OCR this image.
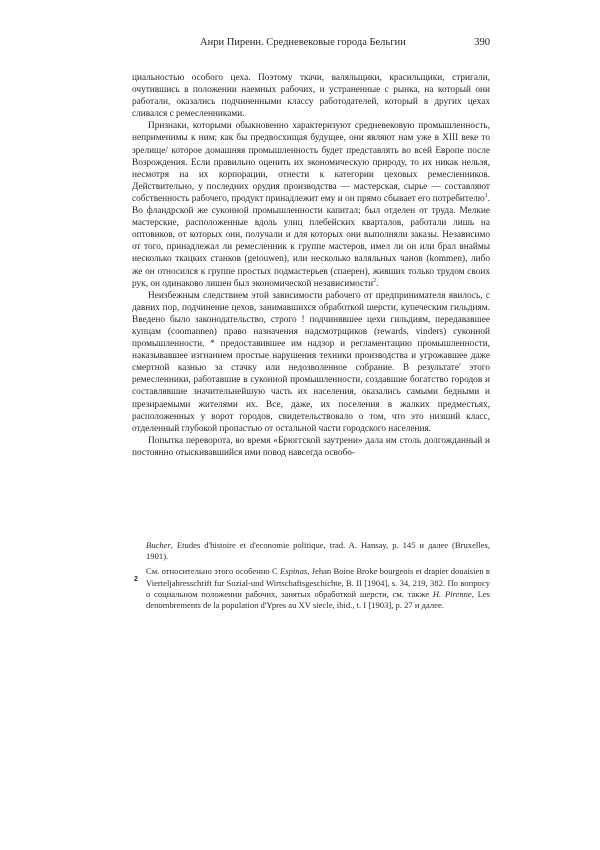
Анри Пиренн. Средневековые города Бельгии	390

циальностью особого цеха. Поэтому ткачи, валяльщики, красильщики, стригали, очутившись в положении наемных рабочих, и устраненные с рынка, на который они работали, оказались подчиненными классу работодателей, который в других цехах сливался с ремесленниками.

Признаки, которыми обыкновенно характеризуют средневековую промышленность, неприменимы к ним; как бы предвосхищая будущее, они являют нам уже в XIII веке то зрелище/ которое домашняя промышленность будет представлять во всей Европе после Возрождения. Если правильно оценить их экономическую природу, то их никак нельзя, несмотря на их корпорации, отнести к категории цеховых ремесленников. Действительно, у последних орудия производства — мастерская, сырье — составляют собственность рабочего, продукт принадлежит ему и он прямо сбывает его потребителю$^1$. Во фландрской же суконной промышленности капитал; был отделен от труда. Мелкие мастерские, расположенные вдоль улиц плебейских кварталов, работали лишь на оптовиков, от которых они, получали и для которых они выполняли заказы. Независимо от того, принадлежал ли ремесленник к группе мастеров, имел ли он или брал внаймы несколько ткацких станков (getouwen), или несколько валяльных чанов (kommen), либо же он относился к группе простых подмастерьев (спаерен), живших только трудом своих рук, он одинаково лишен был экономической независимости$^2$.

Неизбежным следствием этой зависимости рабочего от предпринимателя явилось, с давних пор, подчинение цехов, занимавшихся обработкой шерсти, купеческим гильдиям. Введено было законодательство, строго ! подчинявшее цехи гильдиям, передававшее купцам (coomannen) право назначения надсмотрщиков (rewards, vinders) суконной промышленности, * предоставившее им надзор и регламентацию промышленности, наказывавшее изгнанием простые нарушения техники производства и угрожавшее даже смертной казнью за стачку или недозволенное собрание. В результате' этого ремесленники, работавшие в суконной промышленности, создавшие богатство городов и составлявшие значительнейшую часть их населения, оказались самыми бедными и презираемыми жителями их. Все, даже, их поселения в жалких предместьях, расположенных у ворот городов, свидетельствовало о том, что это низший класс, отделенный глубокой пропастью от остальной части городского населения.

Попытка переворота, во время «Брюггской заутрени» дала им столь долгожданный и постоянно отыскивавшийся ими повод навсегда освобо-

Bucher, Etudes d'histoire et d'economie politique, trad. A. Hansay, p. 145 и далее (Bruxelles, 1901).
2
См. относительно этого особенно С Espinas, Jehan Boine Broke bourgeois et drapier douaisien в Vierteljahresschrift fur Sozial-und Wirtschaftsgeschichte, B. II [1904], s. 34, 219, 382. По вопросу о социальном положении рабочих, занятых обработкой шерсти, см. также H. Pirenne, Les denombrements de la population d'Ypres au XV siecle, ibid., t. I [1903], p. 27 и далее.
